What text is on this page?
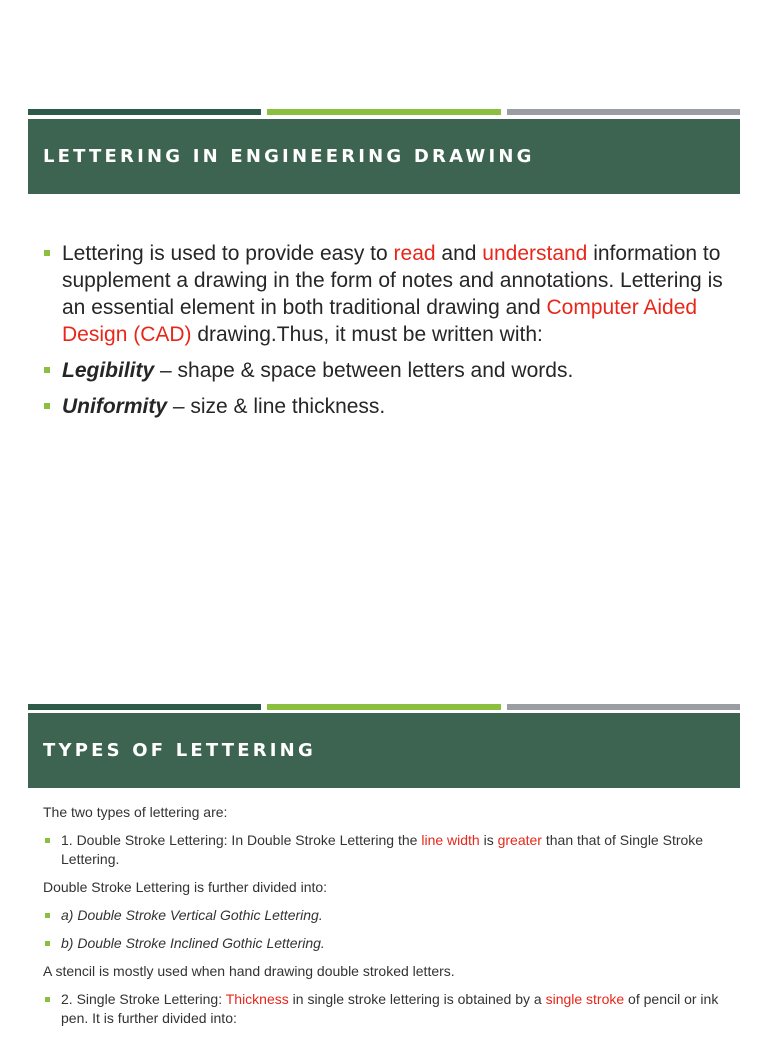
LETTERING IN ENGINEERING DRAWING
Lettering is used to provide easy to read and understand information to supplement a drawing in the form of notes and annotations. Lettering is an essential element in both traditional drawing and Computer Aided Design (CAD) drawing.Thus, it must be written with:
Legibility – shape & space between letters and words.
Uniformity – size & line thickness.
TYPES OF LETTERING
The two types of lettering are:
1. Double Stroke Lettering: In Double Stroke Lettering the line width is greater than that of Single Stroke Lettering.
Double Stroke Lettering is further divided into:
a) Double Stroke Vertical Gothic Lettering.
b) Double Stroke Inclined Gothic Lettering.
A stencil is mostly used when hand drawing double stroked letters.
2. Single Stroke Lettering: Thickness in single stroke lettering is obtained by a single stroke of pencil or ink pen. It is further divided into:
